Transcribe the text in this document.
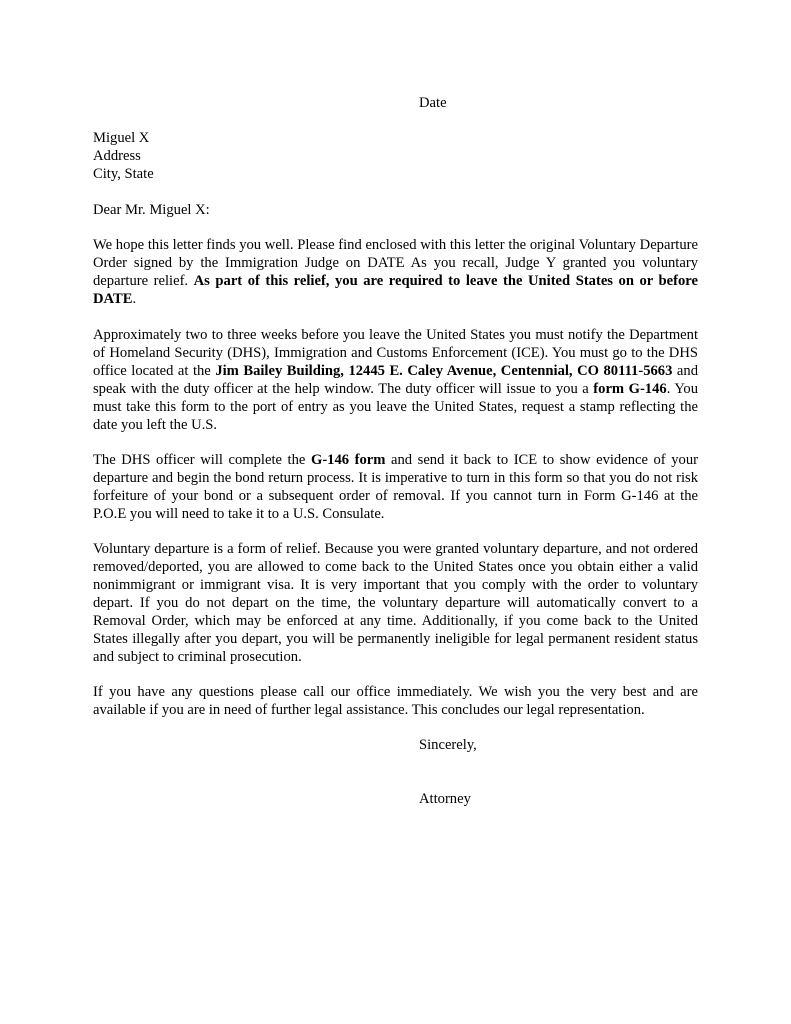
Date
Miguel X
Address
City, State
Dear Mr. Miguel X:
We hope this letter finds you well. Please find enclosed with this letter the original Voluntary Departure Order signed by the Immigration Judge on DATE As you recall, Judge Y granted you voluntary departure relief. As part of this relief, you are required to leave the United States on or before DATE.
Approximately two to three weeks before you leave the United States you must notify the Department of Homeland Security (DHS), Immigration and Customs Enforcement (ICE). You must go to the DHS office located at the Jim Bailey Building, 12445 E. Caley Avenue, Centennial, CO 80111-5663 and speak with the duty officer at the help window. The duty officer will issue to you a form G-146. You must take this form to the port of entry as you leave the United States, request a stamp reflecting the date you left the U.S.
The DHS officer will complete the G-146 form and send it back to ICE to show evidence of your departure and begin the bond return process. It is imperative to turn in this form so that you do not risk forfeiture of your bond or a subsequent order of removal. If you cannot turn in Form G-146 at the P.O.E you will need to take it to a U.S. Consulate.
Voluntary departure is a form of relief. Because you were granted voluntary departure, and not ordered removed/deported, you are allowed to come back to the United States once you obtain either a valid nonimmigrant or immigrant visa. It is very important that you comply with the order to voluntary depart. If you do not depart on the time, the voluntary departure will automatically convert to a Removal Order, which may be enforced at any time. Additionally, if you come back to the United States illegally after you depart, you will be permanently ineligible for legal permanent resident status and subject to criminal prosecution.
If you have any questions please call our office immediately. We wish you the very best and are available if you are in need of further legal assistance. This concludes our legal representation.
Sincerely,
Attorney
